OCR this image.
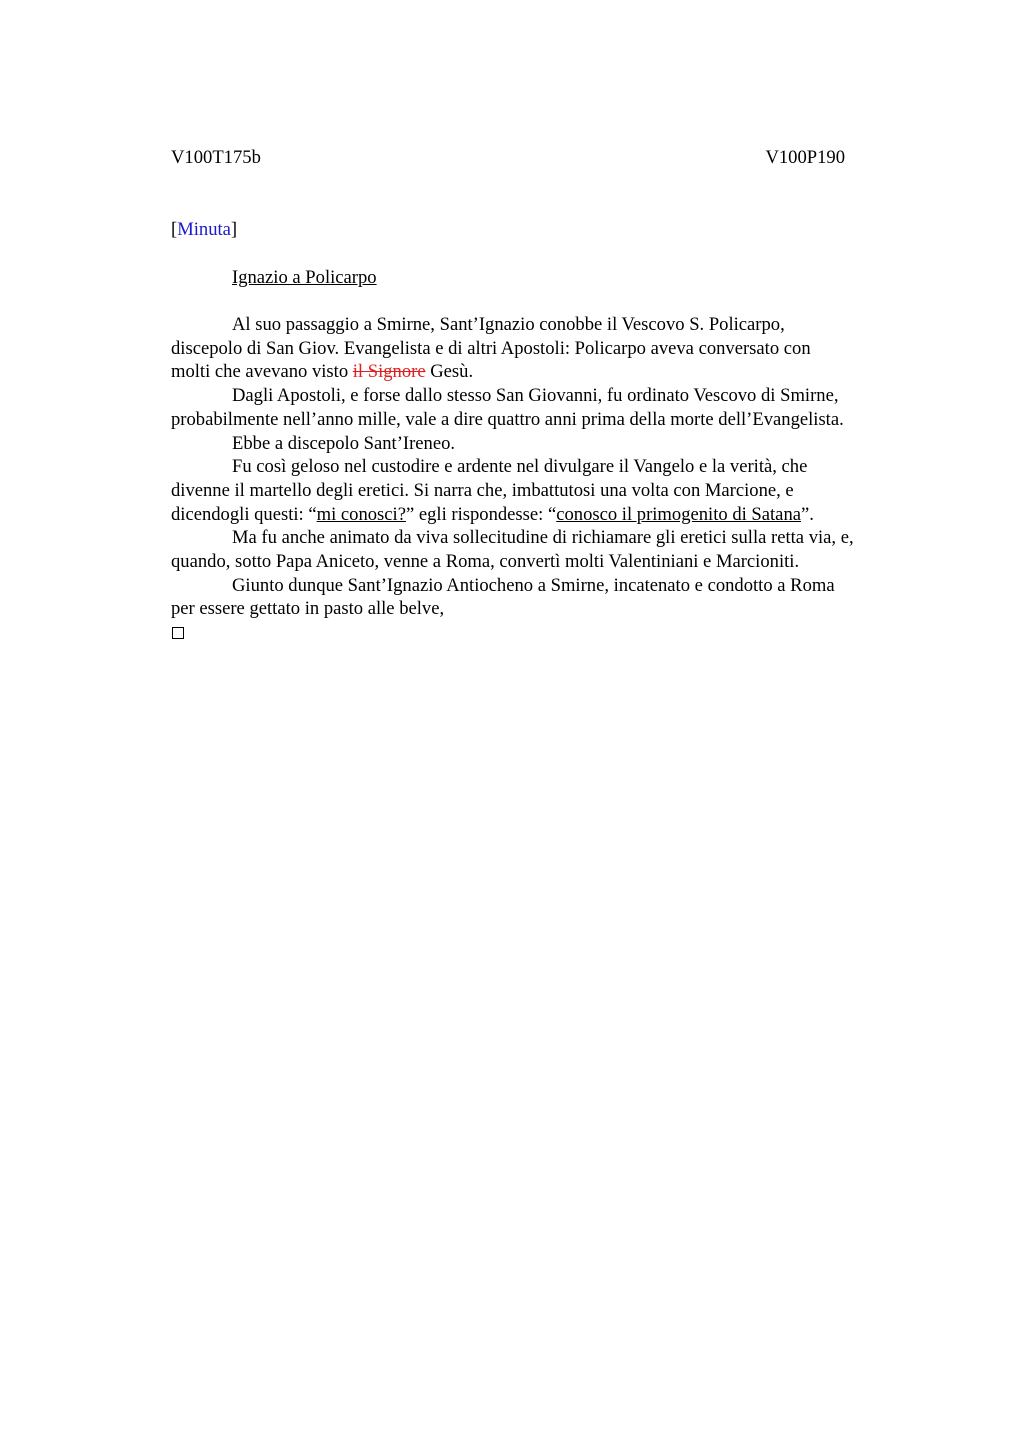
V100T175b	V100P190
[Minuta]
Ignazio a Policarpo

Al suo passaggio a Smirne, Sant’Ignazio conobbe il Vescovo S. Policarpo,
discepolo di San Giov. Evangelista e di altri Apostoli: Policarpo aveva conversato con
molti che avevano visto il Signore Gesù.

Dagli Apostoli, e forse dallo stesso San Giovanni, fu ordinato Vescovo di Smirne,
probabilmente nell’anno mille, vale a dire quattro anni prima della morte dell’Evangelista.

Ebbe a discepolo Sant’Ireneo.

Fu così geloso nel custodire e ardente nel divulgare il Vangelo e la verità, che
divenne il martello degli eretici. Si narra che, imbattutosi una volta con Marcione, e
dicendogli questi: “mi conosci?” egli rispondesse: “conosco il primogenito di Satana”.

Ma fu anche animato da viva sollecitudine di richiamare gli eretici sulla retta via, e,
quando, sotto Papa Aniceto, venne a Roma, convertì molti Valentiniani e Marcioniti.

Giunto dunque Sant’Ignazio Antiocheno a Smirne, incatenato e condotto a Roma
per essere gettato in pasto alle belve,
